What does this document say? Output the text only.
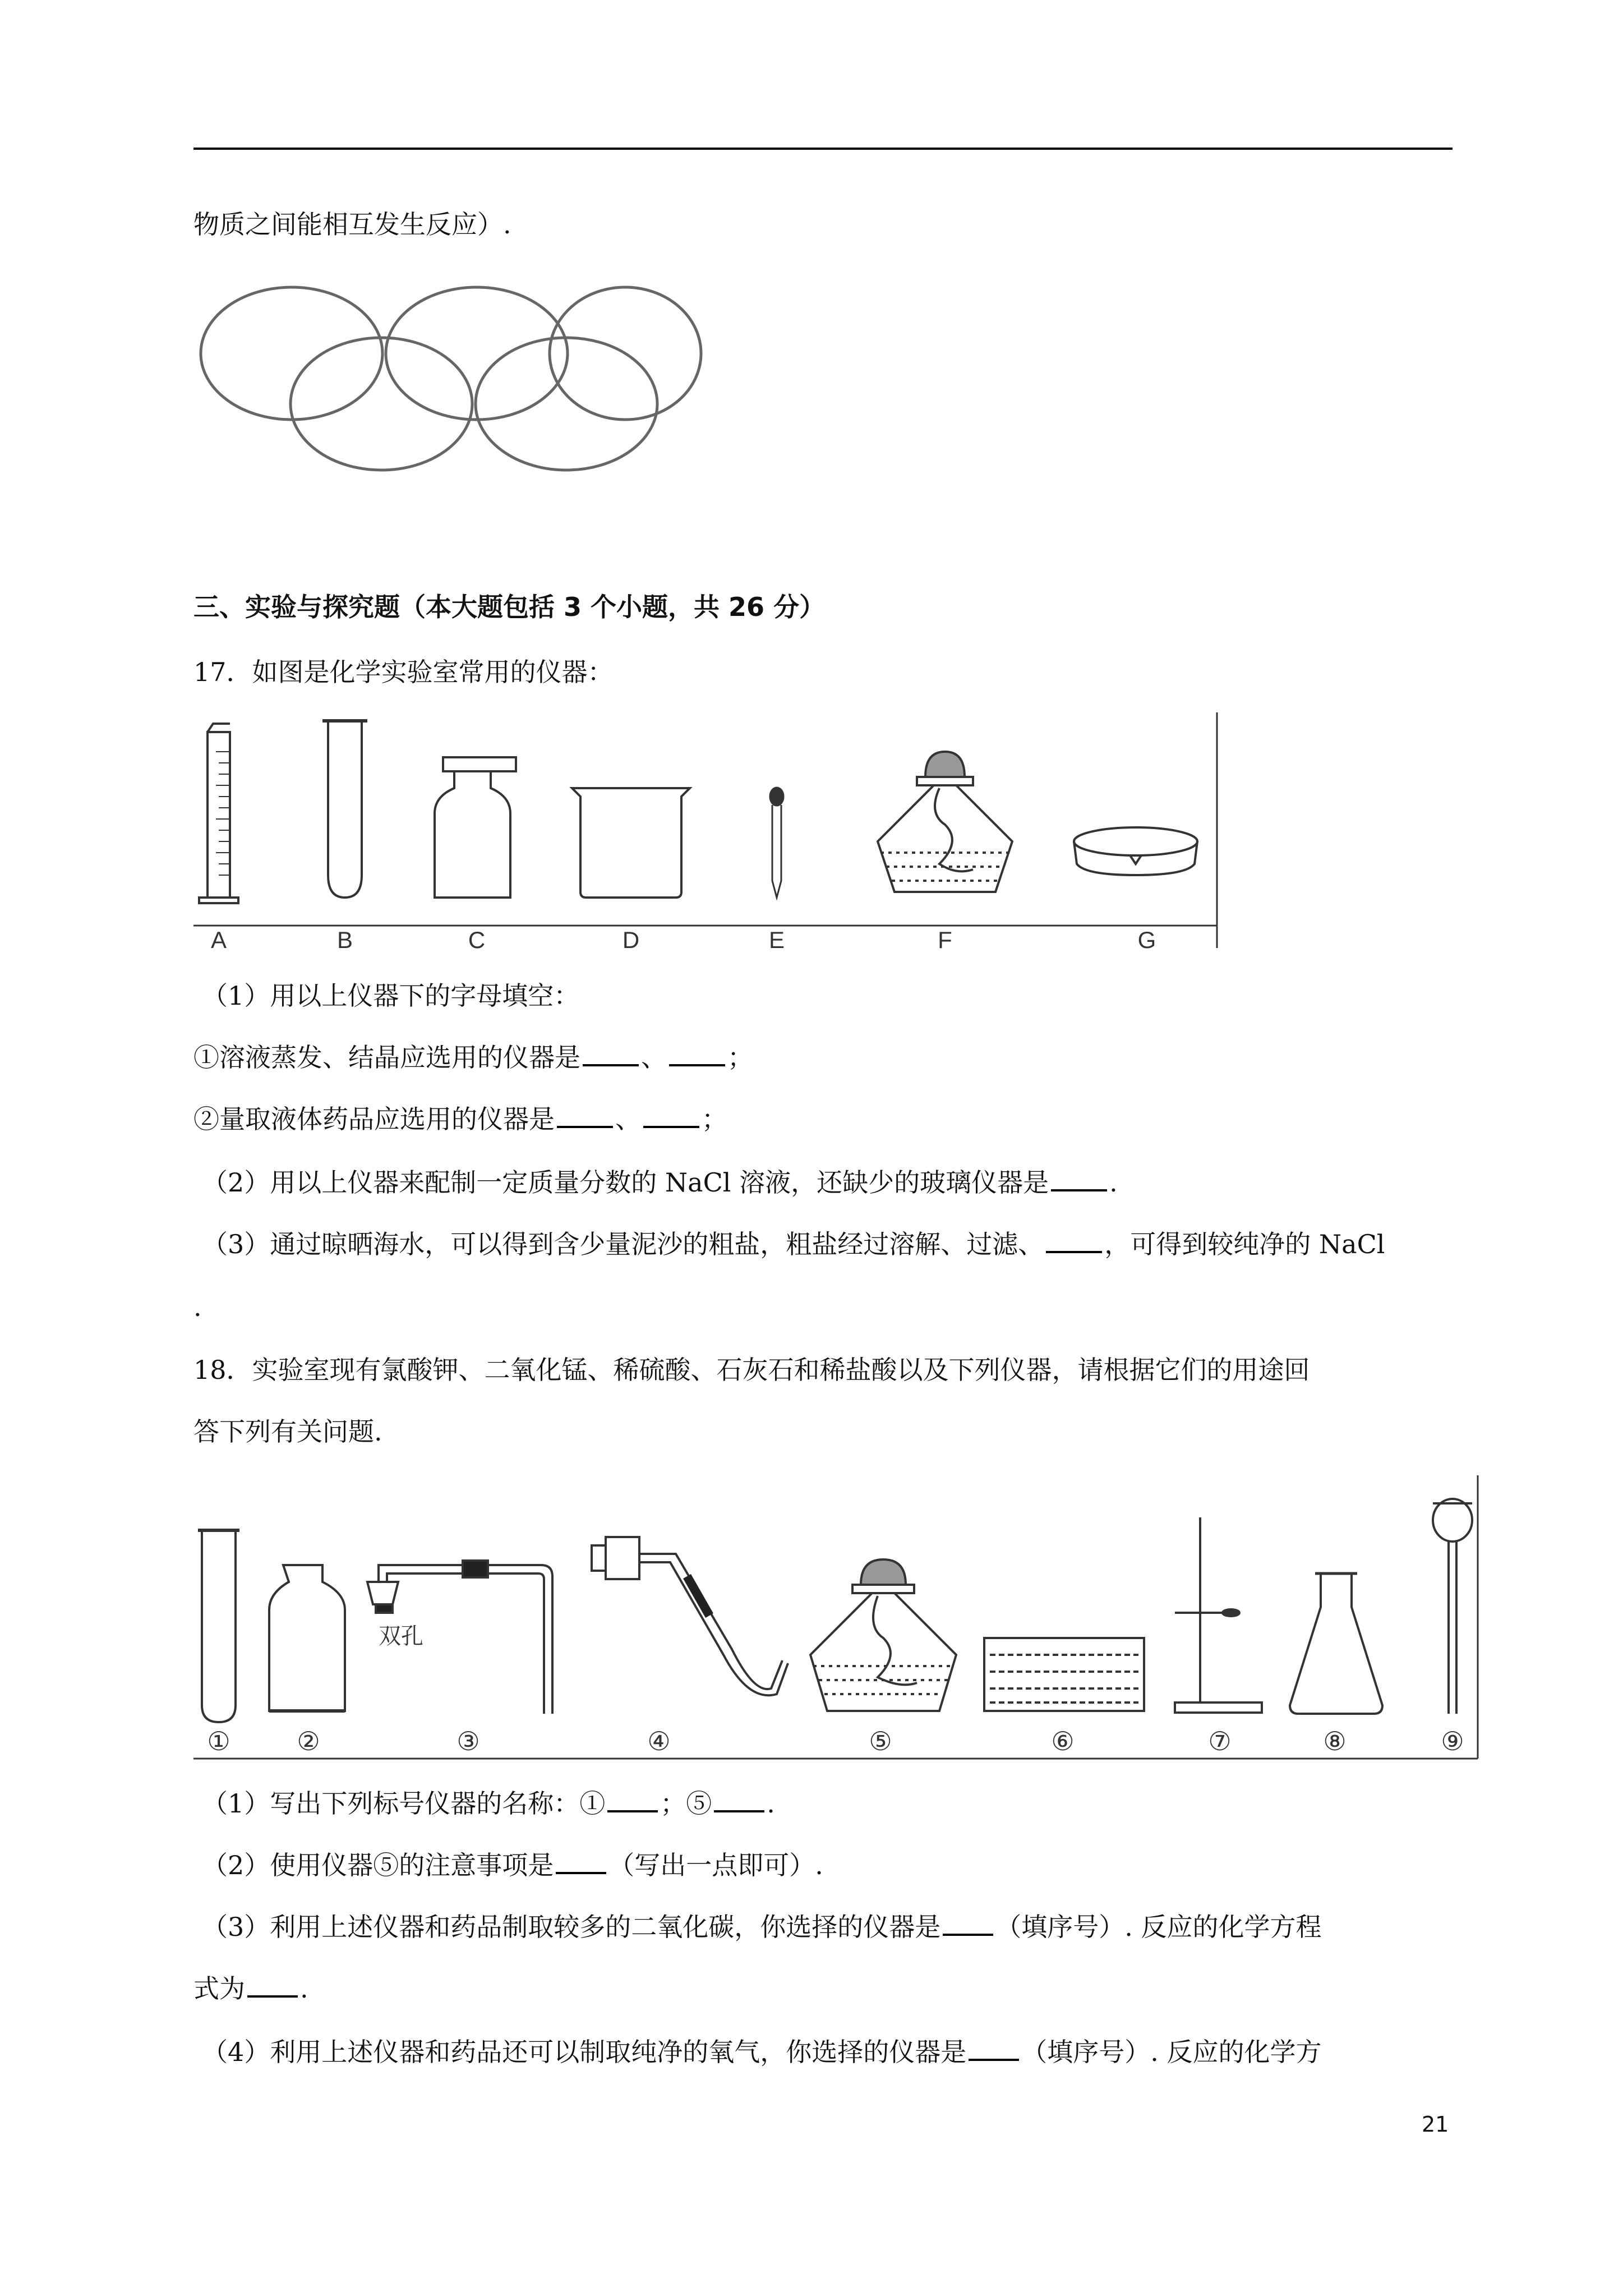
物质之间能相互发生反应）.
三、实验与探究题（本大题包括 3 个小题，共 26 分）
17．如图是化学实验室常用的仪器：
A	B	C	D	E	F	G
（1）用以上仪器下的字母填空：
①溶液蒸发、结晶应选用的仪器是 、 ；
②量取液体药品应选用的仪器是 、 ；
（2）用以上仪器来配制一定质量分数的 NaCl 溶液，还缺少的玻璃仪器是 .
（3）通过晾晒海水，可以得到含少量泥沙的粗盐，粗盐经过溶解、过滤、 ，可得到较纯净的 NaCl
.
18．实验室现有氯酸钾、二氧化锰、稀硫酸、石灰石和稀盐酸以及下列仪器，请根据它们的用途回
答下列有关问题.
双孔
①	②	③	④	⑤	⑥	⑦	⑧	⑨
（1）写出下列标号仪器的名称：① ；⑤ .
（2）使用仪器⑤的注意事项是 （写出一点即可）.
（3）利用上述仪器和药品制取较多的二氧化碳，你选择的仪器是 （填序号）. 反应的化学方程
式为 .
（4）利用上述仪器和药品还可以制取纯净的氧气，你选择的仪器是 （填序号）. 反应的化学方
21
